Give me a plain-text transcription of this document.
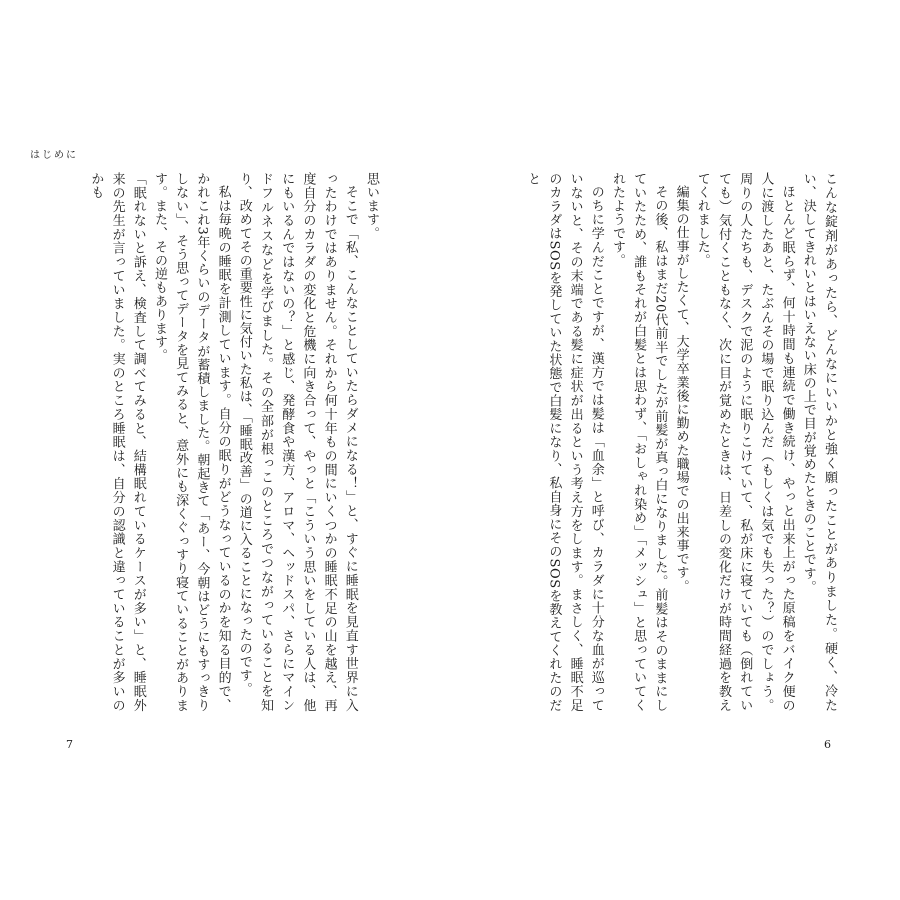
はじめに

こんな錠剤があったら、どんなにいいかと強く願ったことがありました。硬く、冷たい、決してきれいとはいえない床の上で目が覚めたときのことです。

ほとんど眠らず、何十時間も連続で働き続け、やっと出来上がった原稿をバイク便の人に渡したあと、たぶんその場で眠り込んだ（もしくは気でも失った？）のでしょう。周りの人たちも、デスクで泥のように眠りこけていて、私が床に寝ていても（倒れていても）気付くこともなく、次に目が覚めたときは、日差しの変化だけが時間経過を教えてくれました。

編集の仕事がしたくて、大学卒業後に勤めた職場での出来事です。

その後、私はまだ20代前半でしたが前髪が真っ白になりました。前髪はそのままにしていたため、誰もそれが白髪とは思わず、「おしゃれ染め」「メッシュ」と思っていてくれたようです。

のちに学んだことですが、漢方では髪は「血余」と呼び、カラダに十分な血が巡っていないと、その末端である髪に症状が出るという考え方をします。まさしく、睡眠不足のカラダはSOSを発していた状態で白髪になり、私自身にそのSOSを教えてくれたのだと

思います。

そこで「私、こんなことしていたらダメになる！」と、すぐに睡眠を見直す世界に入ったわけではありません。それから何十年もの間にいくつかの睡眠不足の山を越え、再度自分のカラダの変化と危機に向き合って、やっと「こういう思いをしている人は、他にもいるんではないの？」と感じ、発酵食や漢方、アロマ、ヘッドスパ、さらにマインドフルネスなどを学びました。その全部が根っこのところでつながっていることを知り、改めてその重要性に気付いた私は、「睡眠改善」の道に入ることになったのです。

私は毎晩の睡眠を計測しています。自分の眠りがどうなっているのかを知る目的で、かれこれ3年くらいのデータが蓄積しました。朝起きて「あー、今朝はどうにもすっきりしない」、そう思ってデータを見てみると、意外にも深くぐっすり寝ていることがあります。また、その逆もあります。

「眠れないと訴え、検査して調べてみると、結構眠れているケースが多い」と、睡眠外来の先生が言っていました。実のところ睡眠は、自分の認識と違っていることが多いのかも

7	6
